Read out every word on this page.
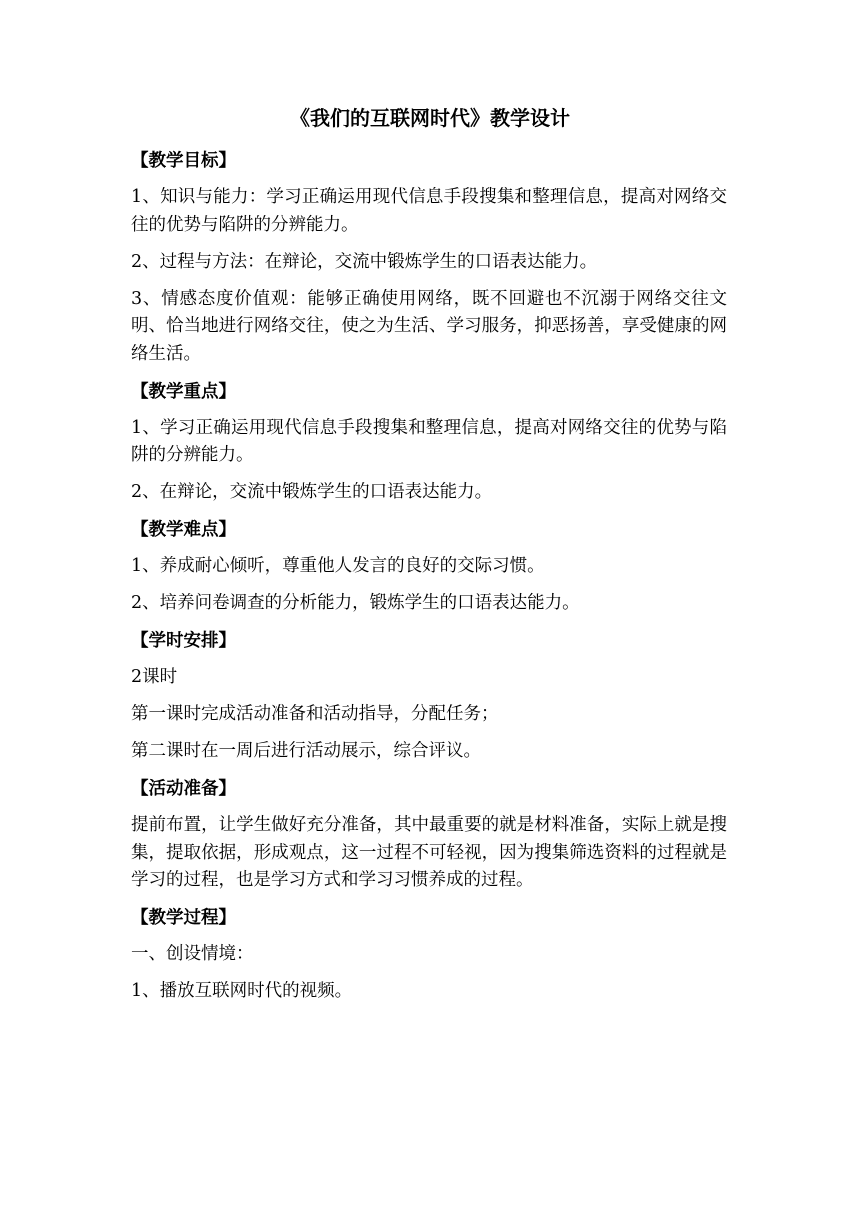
《我们的互联网时代》教学设计
【教学目标】
1、知识与能力：学习正确运用现代信息手段搜集和整理信息，提高对网络交往的优势与陷阱的分辨能力。
2、过程与方法：在辩论，交流中锻炼学生的口语表达能力。
3、情感态度价值观：能够正确使用网络，既不回避也不沉溺于网络交往文明、恰当地进行网络交往，使之为生活、学习服务，抑恶扬善，享受健康的网络生活。
【教学重点】
1、学习正确运用现代信息手段搜集和整理信息，提高对网络交往的优势与陷阱的分辨能力。
2、在辩论，交流中锻炼学生的口语表达能力。
【教学难点】
1、养成耐心倾听，尊重他人发言的良好的交际习惯。
2、培养问卷调查的分析能力，锻炼学生的口语表达能力。
【学时安排】
2课时
第一课时完成活动准备和活动指导，分配任务；
第二课时在一周后进行活动展示，综合评议。
【活动准备】
提前布置，让学生做好充分准备，其中最重要的就是材料准备，实际上就是搜集，提取依据，形成观点，这一过程不可轻视，因为搜集筛选资料的过程就是学习的过程，也是学习方式和学习习惯养成的过程。
【教学过程】
一、创设情境：
1、播放互联网时代的视频。
